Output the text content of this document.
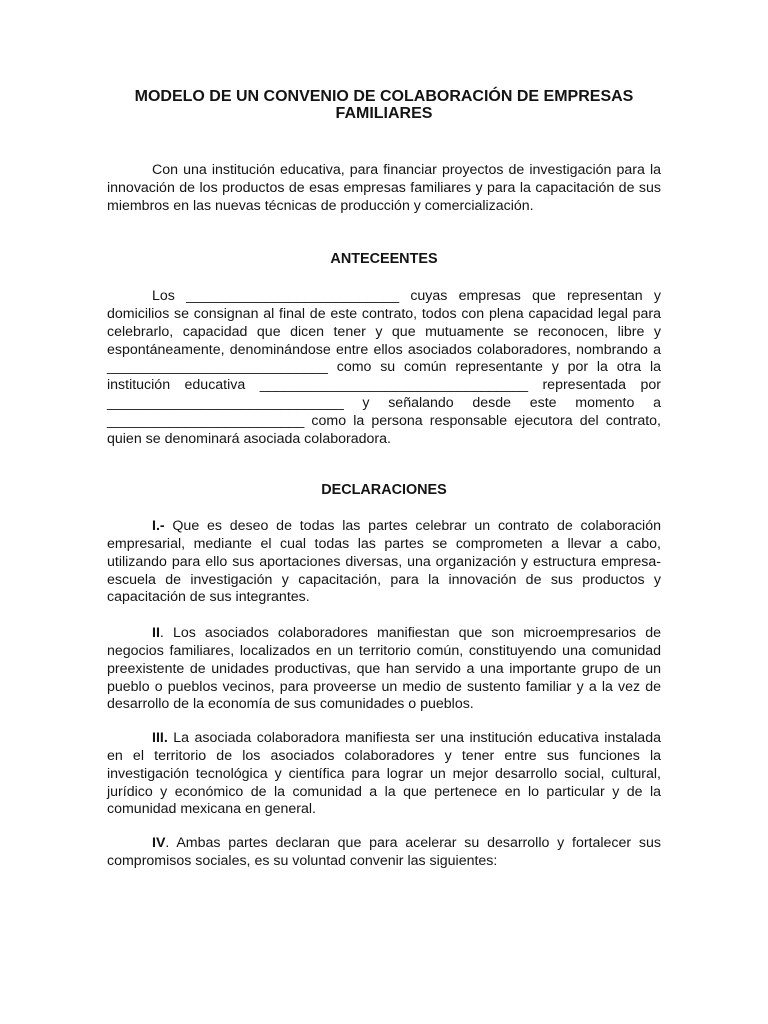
MODELO DE UN CONVENIO DE COLABORACIÓN DE EMPRESAS
FAMILIARES

Con una institución educativa, para financiar proyectos de investigación para la innovación de los productos de esas empresas familiares y para la capacitación de sus miembros en las nuevas técnicas de producción y comercialización.

ANTECEENTES

Los ___________________________ cuyas empresas que representan y domicilios se consignan al final de este contrato, todos con plena capacidad legal para celebrarlo, capacidad que dicen tener y que mutuamente se reconocen, libre y espontáneamente, denominándose entre ellos asociados colaboradores, nombrando a ____________________________ como su común representante y por la otra la institución educativa __________________________________ representada por ______________________________ y señalando desde este momento a _________________________ como la persona responsable ejecutora del contrato, quien se denominará asociada colaboradora.

DECLARACIONES

I.- Que es deseo de todas las partes celebrar un contrato de colaboración empresarial, mediante el cual todas las partes se comprometen a llevar a cabo, utilizando para ello sus aportaciones diversas, una organización y estructura empresa-escuela de investigación y capacitación, para la innovación de sus productos y capacitación de sus integrantes.

II. Los asociados colaboradores manifiestan que son microempresarios de negocios familiares, localizados en un territorio común, constituyendo una comunidad preexistente de unidades productivas, que han servido a una importante grupo de un pueblo o pueblos vecinos, para proveerse un medio de sustento familiar y a la vez de desarrollo de la economía de sus comunidades o pueblos.

III. La asociada colaboradora manifiesta ser una institución educativa instalada en el territorio de los asociados colaboradores y tener entre sus funciones la investigación tecnológica y científica para lograr un mejor desarrollo social, cultural, jurídico y económico de la comunidad a la que pertenece en lo particular y de la comunidad mexicana en general.

IV. Ambas partes declaran que para acelerar su desarrollo y fortalecer sus compromisos sociales, es su voluntad convenir las siguientes:
